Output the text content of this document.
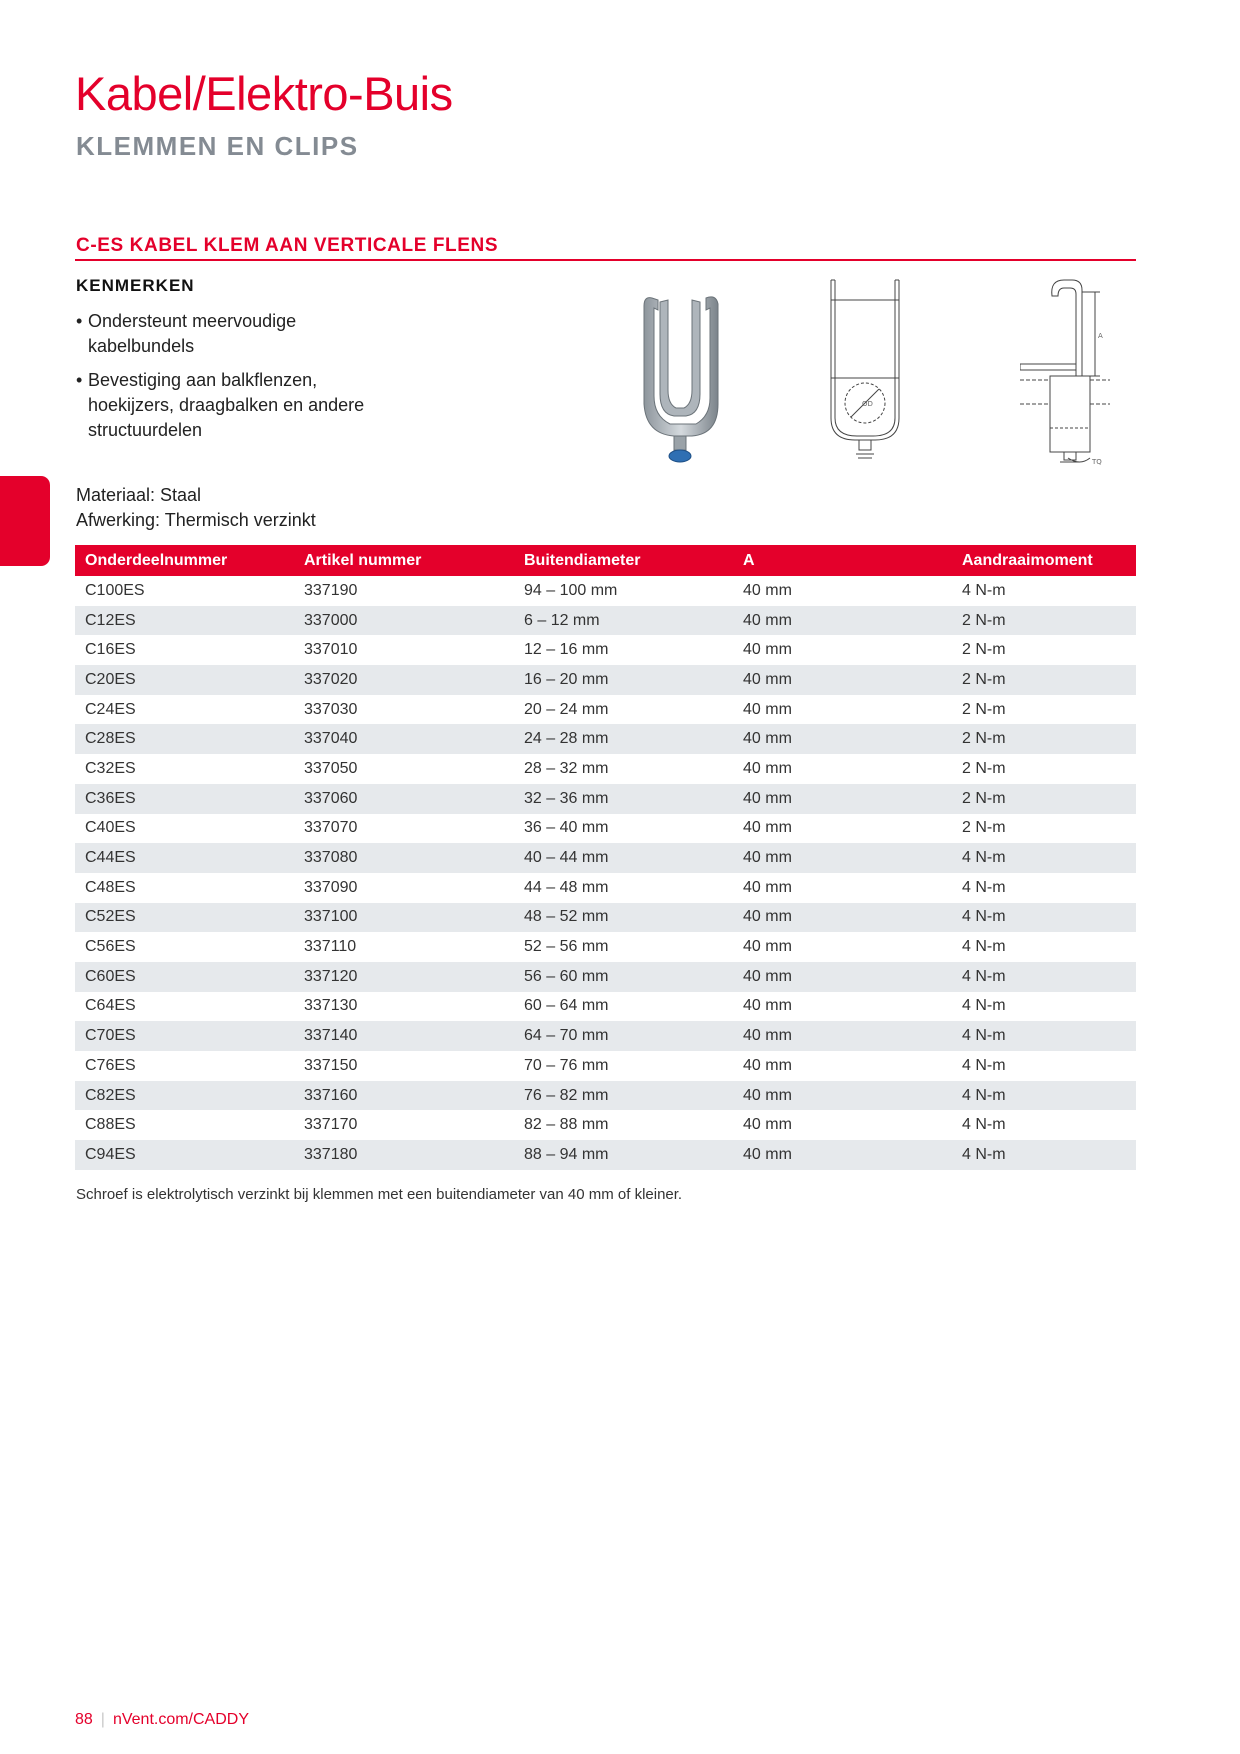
Kabel/Elektro-Buis
KLEMMEN EN CLIPS
C-ES KABEL KLEM AAN VERTICALE FLENS
KENMERKEN
• Ondersteunt meervoudige kabelbundels
• Bevestiging aan balkflenzen, hoekijzers, draagbalken en andere structuurdelen
Materiaal: Staal
Afwerking: Thermisch verzinkt
OD
A
TQ
Onderdeelnummer	Artikel nummer	Buitendiameter	A	Aandraaimoment
C100ES	337190	94 – 100 mm	40 mm	4 N-m
C12ES	337000	6 – 12 mm	40 mm	2 N-m
C16ES	337010	12 – 16 mm	40 mm	2 N-m
C20ES	337020	16 – 20 mm	40 mm	2 N-m
C24ES	337030	20 – 24 mm	40 mm	2 N-m
C28ES	337040	24 – 28 mm	40 mm	2 N-m
C32ES	337050	28 – 32 mm	40 mm	2 N-m
C36ES	337060	32 – 36 mm	40 mm	2 N-m
C40ES	337070	36 – 40 mm	40 mm	2 N-m
C44ES	337080	40 – 44 mm	40 mm	4 N-m
C48ES	337090	44 – 48 mm	40 mm	4 N-m
C52ES	337100	48 – 52 mm	40 mm	4 N-m
C56ES	337110	52 – 56 mm	40 mm	4 N-m
C60ES	337120	56 – 60 mm	40 mm	4 N-m
C64ES	337130	60 – 64 mm	40 mm	4 N-m
C70ES	337140	64 – 70 mm	40 mm	4 N-m
C76ES	337150	70 – 76 mm	40 mm	4 N-m
C82ES	337160	76 – 82 mm	40 mm	4 N-m
C88ES	337170	82 – 88 mm	40 mm	4 N-m
C94ES	337180	88 – 94 mm	40 mm	4 N-m

Schroef is elektrolytisch verzinkt bij klemmen met een buitendiameter van 40 mm of kleiner.

88 | nVent.com/CADDY
